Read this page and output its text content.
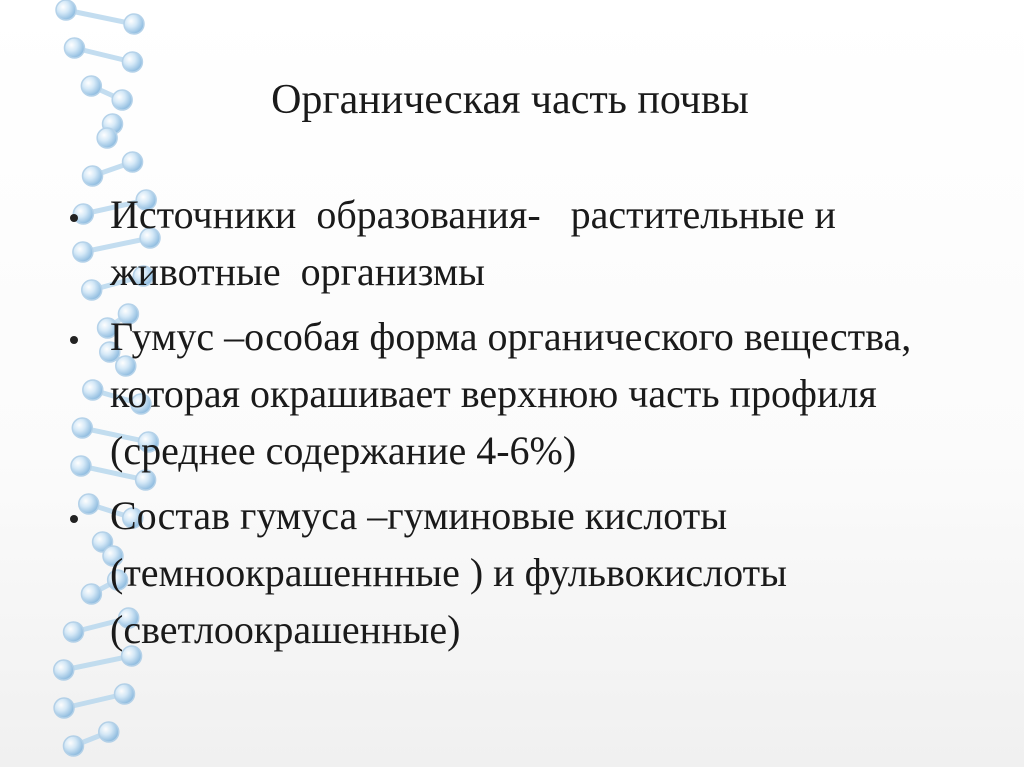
Органическая часть почвы
Источники  образования-   растительные и животные  организмы
Гумус –особая форма органического вещества, которая окрашивает верхнюю часть профиля (среднее содержание 4-6%)
Состав гумуса –гуминовые кислоты (темноокрашеннные ) и фульвокислоты (светлоокрашенные)
